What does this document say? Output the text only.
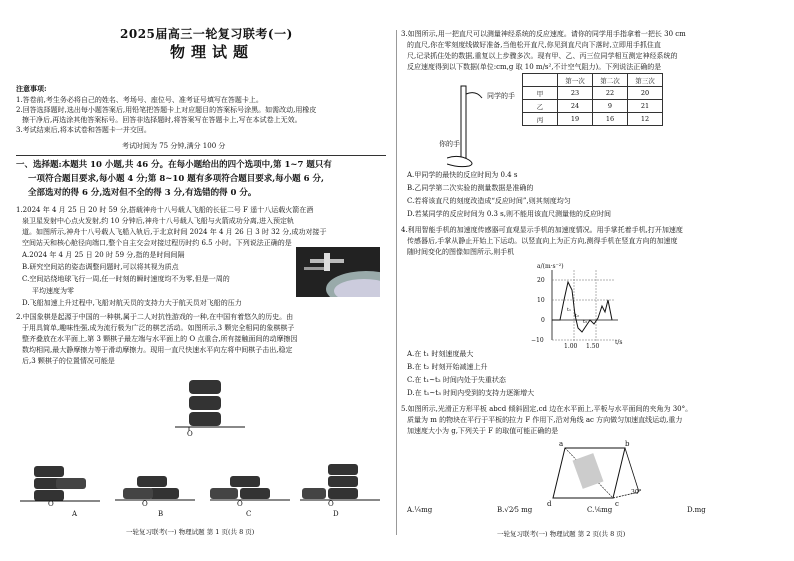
2025届高三一轮复习联考(一)
物理试题
注意事项:
1.答卷前,考生务必将自己的姓名、考场号、座位号、准考证号填写在答题卡上。
2.回答选择题时,选出每小题答案后,用铅笔把答题卡上对应题目的答案标号涂黑。如需改动,用橡皮
擦干净后,再选涂其他答案标号。回答非选择题时,将答案写在答题卡上,写在本试卷上无效。
3.考试结束后,将本试卷和答题卡一并交回。
考试时间为 75 分钟,满分 100 分
一、选择题:本题共 10 小题,共 46 分。在每小题给出的四个选项中,第 1~7 题只有
一项符合题目要求,每小题 4 分;第 8~10 题有多项符合题目要求,每小题 6 分,
全部选对的得 6 分,选对但不全的得 3 分,有选错的得 0 分。
1.2024 年 4 月 25 日 20 时 59 分,搭载神舟十八号载人飞船的长征二号 F 遥十八运载火箭在酒
泉卫星发射中心点火发射,约 10 分钟后,神舟十八号载人飞船与火箭成功分离,进入预定轨
道。如图所示,神舟十八号载人飞船入轨后,于北京时间 2024 年 4 月 26 日 3 时 32 分,成功对接于
空间站天和核心舱径向端口,整个自主交会对接过程历时约 6.5 小时。下列说法正确的是
A.2024 年 4 月 25 日 20 时 59 分,指的是时间间隔
B.研究空间站的姿态调整问题时,可以将其视为质点
C.空间站绕地球飞行一周,任一时刻的瞬时速度均不为零,但是一周的
平均速度为零
D.飞船加速上升过程中,飞船对航天员的支持力大于航天员对飞船的压力
2.中国象棋是起源于中国的一种棋,属于二人对抗性游戏的一种,在中国有着悠久的历史。由
于用具简单,趣味性强,成为流行极为广泛的棋艺活动。如图所示,3 颗完全相同的象棋棋子
整齐叠放在水平面上,第 3 颗棋子最左端与水平面上的 O 点重合,所有接触面间的动摩擦因
数均相同,最大静摩擦力等于滑动摩擦力。现用一直尺快速水平向左将中间棋子击出,稳定
后,3 颗棋子的位置情况可能是
O
O	O	O	O
A	B	C	D
一轮复习联考(一) 物理试题 第 1 页(共 8 页)
3.如图所示,用一把直尺可以测量神经系统的反应速度。请你的同学用手指拿着一把长 30 cm
的直尺,你在零刻度线做好准备,当他松开直尺,你见到直尺向下落时,立即用手抓住直
尺,记录抓住处的数据,重复以上步骤多次。现有甲、乙、丙三位同学相互测定神经系统的
反应速度得到以下数据(单位:cm,g 取 10 m/s²,不计空气阻力)。下列说法正确的是
同学的手
你的手
	第一次	第二次	第三次
甲	23	22	20
乙	24	9	21
丙	19	16	12
A.甲同学的最快的反应时间为 0.4 s
B.乙同学第二次实验的测量数据是准确的
C.若将该直尺的刻度改造成“反应时间”,则其刻度均匀
D.若某同学的反应时间为 0.3 s,则不能用该直尺测量他的反应时间
4.利用智能手机的加速度传感器可直观显示手机的加速度情况。用手掌托着手机,打开加速度
传感器后,手掌从静止开始上下运动。以竖直向上为正方向,测得手机在竖直方向的加速度
随时间变化的图像如图所示,则手机
a/(m·s⁻²)
20
10
0
−10
1.00 1.50
t/s
t₁
t₂
t₃
A.在 t₁ 时刻速度最大
B.在 t₂ 时刻开始减速上升
C.在 t₁~t₂ 时间内处于失重状态
D.在 t₁~t₃ 时间内受到的支持力逐渐增大
5.如图所示,光滑正方形平板 abcd 倾斜固定,cd 边在水平面上,平板与水平面间的夹角为 30°。
质量为 m 的物块在平行于平板的拉力 F 作用下,沿对角线 ac 方向做匀加速直线运动,重力
加速度大小为 g,下列关于 F 的取值可能正确的是
a	b
c
d
30°
A.¼mg	B.√2⁄5 mg	C.⅙mg	D.mg
一轮复习联考(一) 物理试题 第 2 页(共 8 页)
